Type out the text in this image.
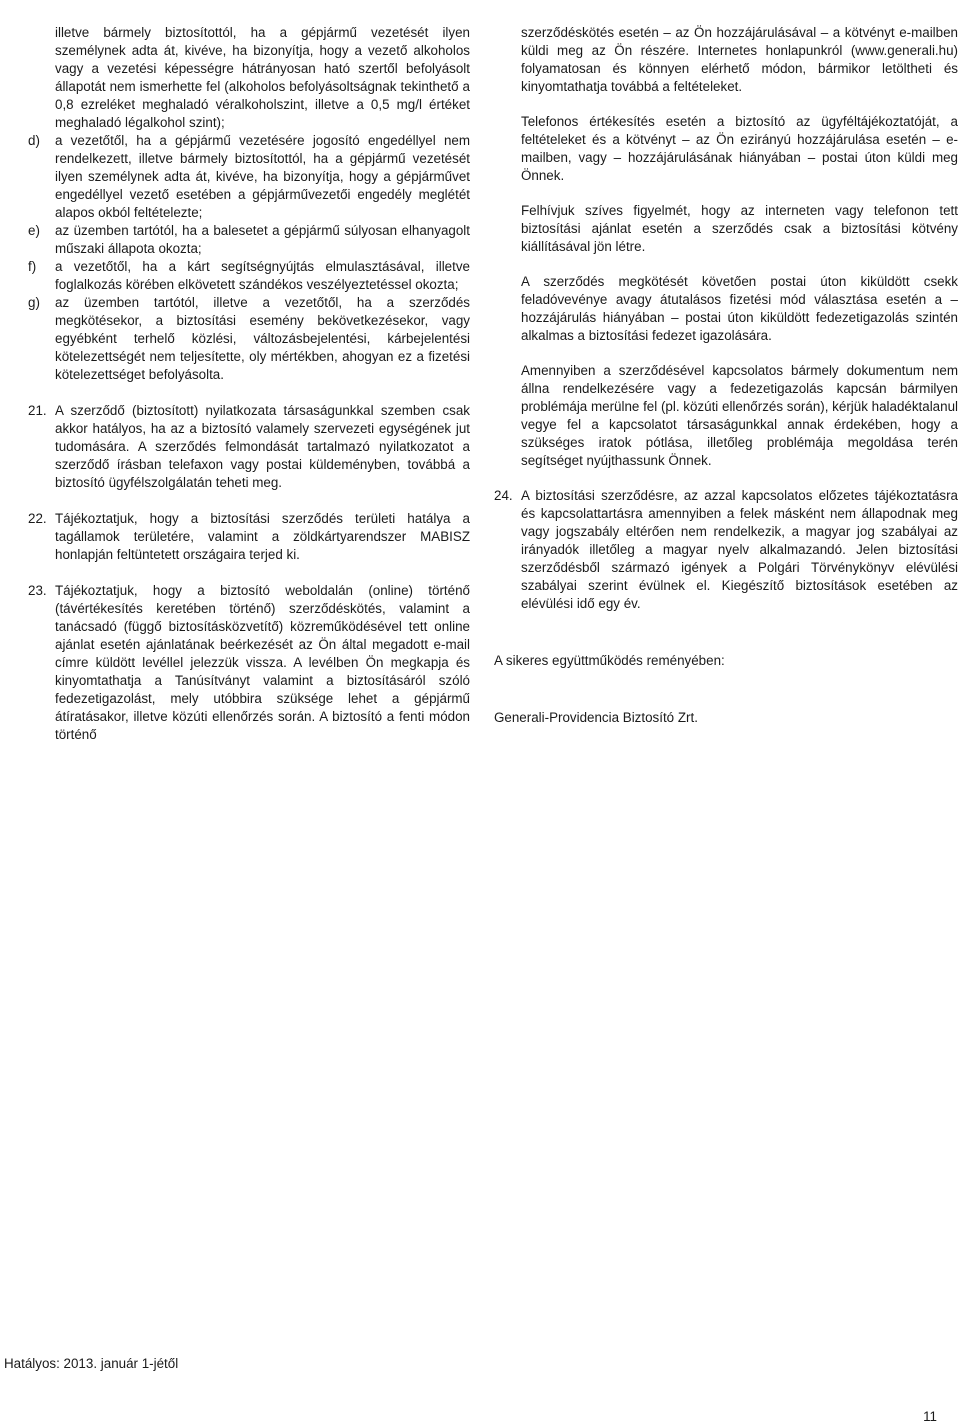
illetve bármely biztosítottól, ha a gépjármű vezetését ilyen személynek adta át, kivéve, ha bizonyítja, hogy a vezető alkoholos vagy a vezetési képességre hátrányosan ható szertől befolyásolt állapotát nem ismerhette fel (alkoholos befolyásoltságnak tekinthető a 0,8 ezreléket meghaladó véralkoholszint, illetve a 0,5 mg/l értéket meghaladó légalkohol szint);
d)	a vezetőtől, ha a gépjármű vezetésére jogosító engedéllyel nem rendelkezett, illetve bármely biztosítottól, ha a gépjármű vezetését ilyen személynek adta át, kivéve, ha bizonyítja, hogy a gépjárművet engedéllyel vezető esetében a gépjárművezetői engedély meglétét alapos okból feltételezte;
e)	az üzemben tartótól, ha a balesetet a gépjármű súlyosan elhanyagolt műszaki állapota okozta;
f)	a vezetőtől, ha a kárt segítségnyújtás elmulasztásával, illetve foglalkozás körében elkövetett szándékos veszélyeztetéssel okozta;
g)	az üzemben tartótól, illetve a vezetőtől, ha a szerződés megkötésekor, a biztosítási esemény bekövetkezésekor, vagy egyébként terhelő közlési, változásbejelentési, kárbejelentési kötelezettségét nem teljesítette, oly mértékben, ahogyan ez a fizetési kötelezettséget befolyásolta.
21. A szerződő (biztosított) nyilatkozata társaságunkkal szemben csak akkor hatályos, ha az a biztosító valamely szervezeti egységének jut tudomására. A szerződés felmondását tartalmazó nyilatkozatot a szerződő írásban telefaxon vagy postai küldeményben, továbbá a biztosító ügyfélszolgálatán teheti meg.
22. Tájékoztatjuk, hogy a biztosítási szerződés területi hatálya a tagállamok területére, valamint a zöldkártyarendszer MABISZ honlapján feltüntetett országaira terjed ki.
23. Tájékoztatjuk, hogy a biztosító weboldalán (online) történő (távértékesítés keretében történő) szerződéskötés, valamint a tanácsadó (függő biztosításközvetítő) közreműködésével tett online ajánlat esetén ajánlatának beérkezését az Ön által megadott e-mail címre küldött levéllel jelezzük vissza. A levélben Ön megkapja és kinyomtathatja a Tanúsítványt valamint a biztosításáról szóló fedezetigazolást, mely utóbbira szüksége lehet a gépjármű átíratásakor, illetve közúti ellenőrzés során. A biztosító a fenti módon történő
szerződéskötés esetén – az Ön hozzájárulásával – a kötvényt e-mailben küldi meg az Ön részére. Internetes honlapunkról (www.generali.hu) folyamatosan és könnyen elérhető módon, bármikor letöltheti és kinyomtathatja továbbá a feltételeket.
Telefonos értékesítés esetén a biztosító az ügyféltájékoztatóját, a feltételeket és a kötvényt – az Ön ezirányú hozzájárulása esetén – e-mailben, vagy – hozzájárulásának hiányában – postai úton küldi meg Önnek.
Felhívjuk szíves figyelmét, hogy az interneten vagy telefonon tett biztosítási ajánlat esetén a szerződés csak a biztosítási kötvény kiállításával jön létre.
A szerződés megkötését követően postai úton kiküldött csekk feladóvevénye avagy átutalásos fizetési mód választása esetén a – hozzájárulás hiányában – postai úton kiküldött fedezetigazolás szintén alkalmas a biztosítási fedezet igazolására.
Amennyiben a szerződésével kapcsolatos bármely dokumentum nem állna rendelkezésére vagy a fedezetigazolás kapcsán bármilyen problémája merülne fel (pl. közúti ellenőrzés során), kérjük haladéktalanul vegye fel a kapcsolatot társaságunkkal annak érdekében, hogy a szükséges iratok pótlása, illetőleg problémája megoldása terén segítséget nyújthassunk Önnek.
24. A biztosítási szerződésre, az azzal kapcsolatos előzetes tájékoztatásra és kapcsolattartásra amennyiben a felek másként nem állapodnak meg vagy jogszabály eltérően nem rendelkezik, a magyar jog szabályai az irányadók illetőleg a magyar nyelv alkalmazandó. Jelen biztosítási szerződésből származó igények a Polgári Törvénykönyv elévülési szabályai szerint évülnek el. Kiegészítő biztosítások esetében az elévülési idő egy év.
A sikeres együttműködés reményében:
Generali-Providencia Biztosító Zrt.
Hatályos: 2013. január 1-jétől
11
